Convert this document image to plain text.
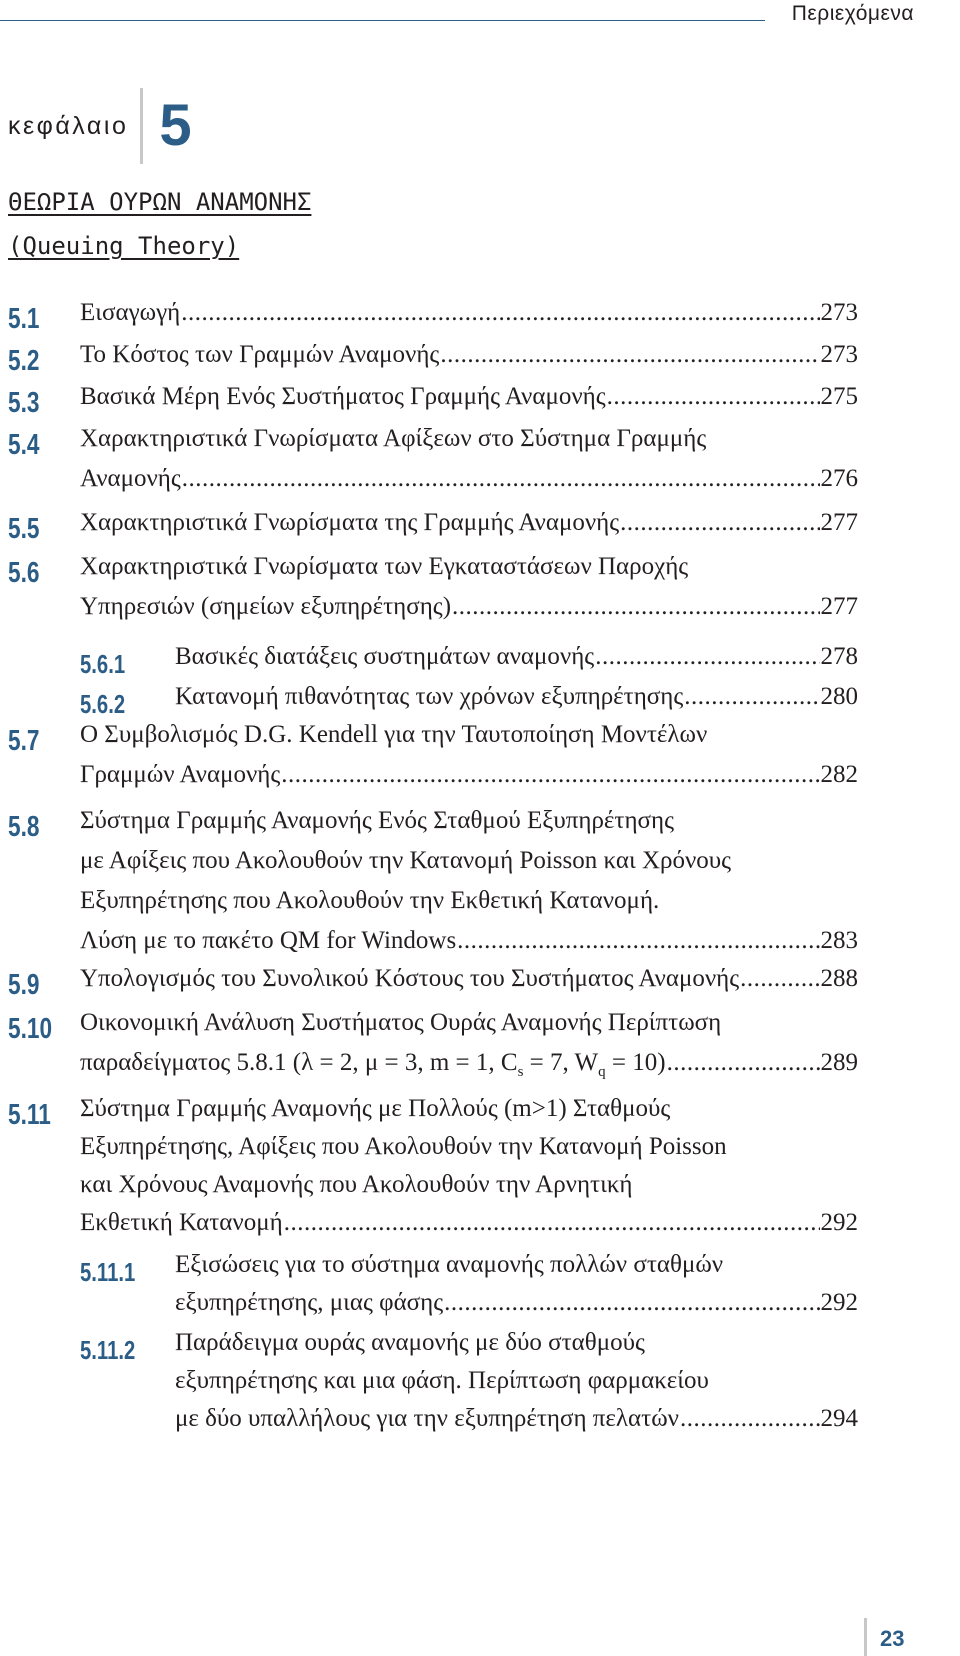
Περιεχόμενα
κεφάλαιο 5
ΘΕΩΡΙΑ ΟΥΡΩΝ ΑΝΑΜΟΝΗΣ
(Queuing Theory)
5.1 Εισαγωγή .....	273
5.2 Το Κόστος των Γραμμών Αναμονής .....	273
5.3 Βασικά Μέρη Ενός Συστήματος Γραμμής Αναμονής .....	275
5.4 Χαρακτηριστικά Γνωρίσματα Αφίξεων στο Σύστημα Γραμμής
Αναμονής .....	276
5.5 Χαρακτηριστικά Γνωρίσματα της Γραμμής Αναμονής .....	277
5.6 Χαρακτηριστικά Γνωρίσματα των Εγκαταστάσεων Παροχής
Υπηρεσιών (σημείων εξυπηρέτησης) .....	277
5.6.1 Βασικές διατάξεις συστημάτων αναμονής .....	278
5.6.2 Κατανομή πιθανότητας των χρόνων εξυπηρέτησης .....	280
5.7 Ο Συμβολισμός D.G. Kendell για την Ταυτοποίηση Μοντέλων
Γραμμών Αναμονής .....	282
5.8 Σύστημα Γραμμής Αναμονής Ενός Σταθμού Εξυπηρέτησης
με Αφίξεις που Ακολουθούν την Κατανομή Poisson και Χρόνους
Εξυπηρέτησης που Ακολουθούν την Εκθετική Κατανομή.
Λύση με το πακέτο QM for Windows .....	283
5.9 Υπολογισμός του Συνολικού Κόστους του Συστήματος Αναμονής .....	288
5.10 Οικονομική Ανάλυση Συστήματος Ουράς Αναμονής Περίπτωση
παραδείγματος 5.8.1 (λ = 2, μ = 3, m = 1, $C_s = 7$, $W_q = 10$) .....	289
5.11 Σύστημα Γραμμής Αναμονής με Πολλούς (m>1) Σταθμούς
Εξυπηρέτησης, Αφίξεις που Ακολουθούν την Κατανομή Poisson
και Χρόνους Αναμονής που Ακολουθούν την Αρνητική
Εκθετική Κατανομή .....	292
5.11.1 Εξισώσεις για το σύστημα αναμονής πολλών σταθμών
εξυπηρέτησης, μιας φάσης .....	292
5.11.2 Παράδειγμα ουράς αναμονής με δύο σταθμούς
εξυπηρέτησης και μια φάση. Περίπτωση φαρμακείου
με δύο υπαλλήλους για την εξυπηρέτηση πελατών .....	294
23
